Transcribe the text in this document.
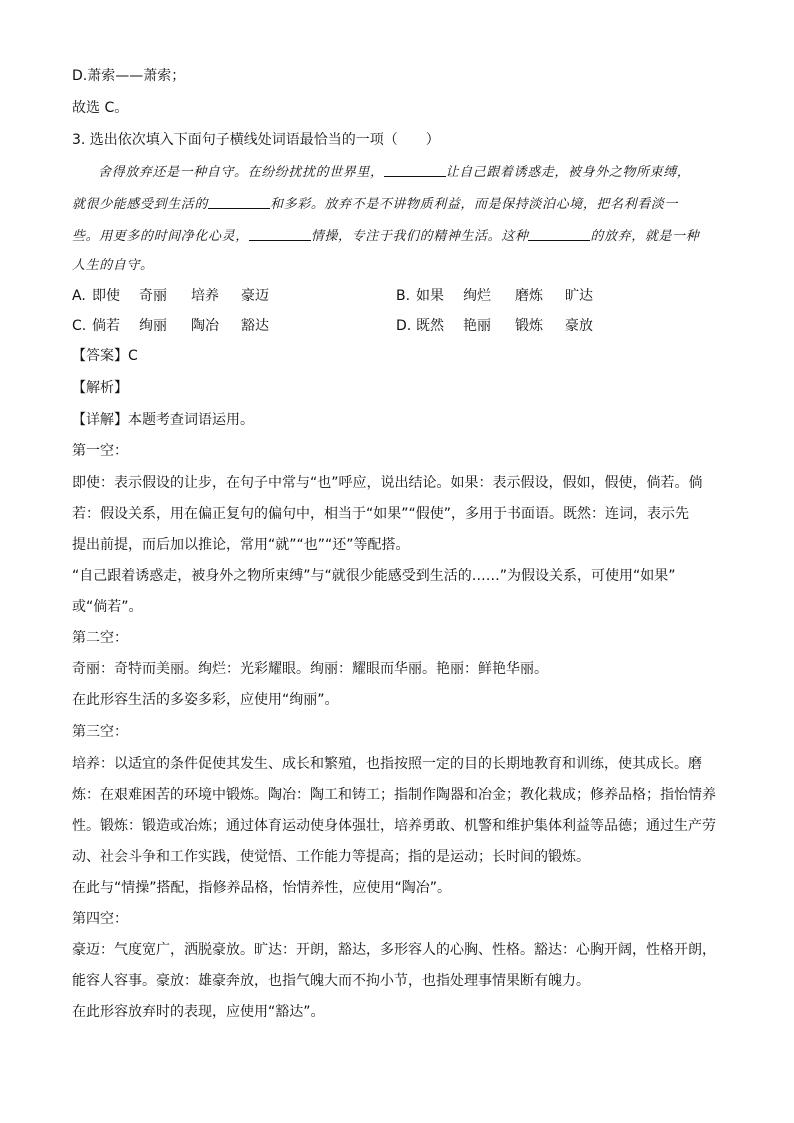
D.萧索——萧索；
故选 C。
3. 选出依次填入下面句子横线处词语最恰当的一项（　　）
舍得放弃还是一种自守。在纷纷扰扰的世界里，	让自己跟着诱惑走，被身外之物所束缚，
就很少能感受到生活的	和多彩。放弃不是不讲物质利益，而是保持淡泊心境，把名利看淡一
些。用更多的时间净化心灵，	情操，专注于我们的精神生活。这种	的放弃，就是一种
人生的自守。
A. 即使 奇丽 培养 豪迈	B. 如果 绚烂 磨炼 旷达
C. 倘若 绚丽 陶冶 豁达	D. 既然 艳丽 锻炼 豪放
【答案】C
【解析】
【详解】本题考查词语运用。
第一空：
即使：表示假设的让步，在句子中常与“也”呼应，说出结论。如果：表示假设，假如，假使，倘若。倘
若：假设关系，用在偏正复句的偏句中，相当于“如果”“假使”，多用于书面语。既然：连词，表示先
提出前提，而后加以推论，常用“就”“也”“还”等配搭。
“自己跟着诱惑走，被身外之物所束缚”与“就很少能感受到生活的……”为假设关系，可使用“如果”
或“倘若”。
第二空：
奇丽：奇特而美丽。绚烂：光彩耀眼。绚丽：耀眼而华丽。艳丽：鲜艳华丽。
在此形容生活的多姿多彩，应使用“绚丽”。
第三空：
培养：以适宜的条件促使其发生、成长和繁殖，也指按照一定的目的长期地教育和训练，使其成长。磨
炼：在艰难困苦的环境中锻炼。陶冶：陶工和铸工；指制作陶器和冶金；教化栽成；修养品格；指怡情养
性。锻炼：锻造或冶炼；通过体育运动使身体强壮，培养勇敢、机警和维护集体利益等品德；通过生产劳
动、社会斗争和工作实践，使觉悟、工作能力等提高；指的是运动；长时间的锻炼。
在此与“情操”搭配，指修养品格，怡情养性，应使用“陶冶”。
第四空：
豪迈：气度宽广，洒脱豪放。旷达：开朗，豁达，多形容人的心胸、性格。豁达：心胸开阔，性格开朗，
能容人容事。豪放：雄豪奔放，也指气魄大而不拘小节，也指处理事情果断有魄力。
在此形容放弃时的表现，应使用“豁达”。
